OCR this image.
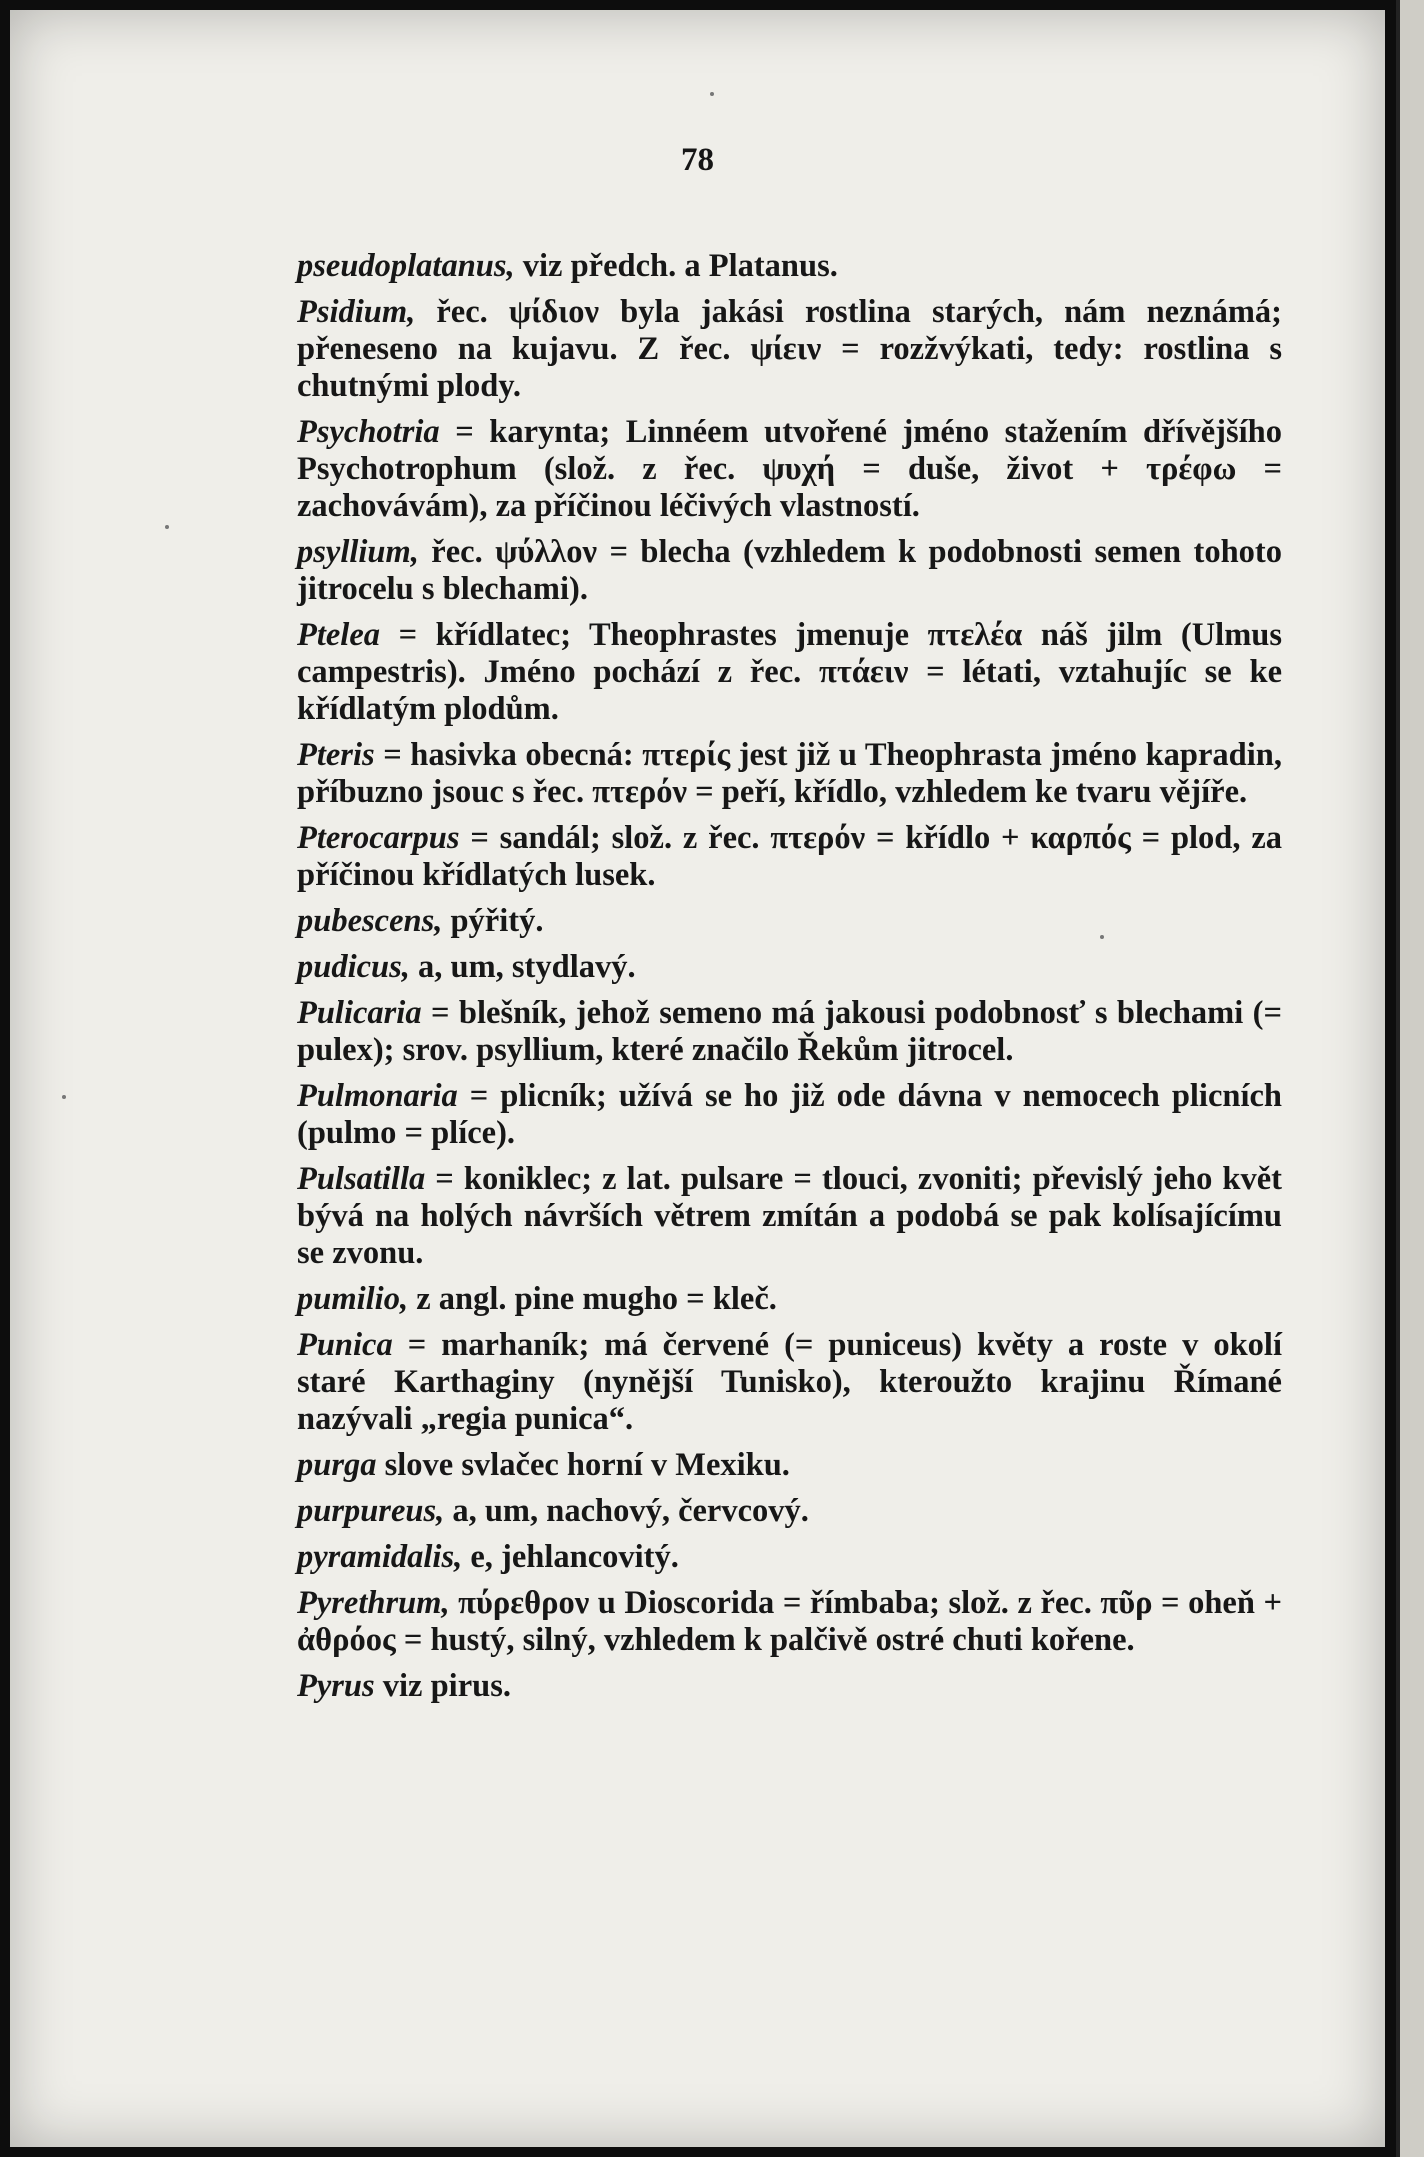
78

pseudoplatanus, viz předch. a Platanus.

Psidium, řec. ψίδιον byla jakási rostlina starých, nám neznámá; přeneseno na kujavu. Z řec. ψίειν = rozžvýkati, tedy: rostlina s chutnými plody.

Psychotria = karynta; Linnéem utvořené jméno stažením dřívějšího Psychotrophum (slož. z řec. ψυχή = duše, život + τρέφω = zachovávám), za příčinou léčivých vlastností.

psyllium, řec. ψύλλον = blecha (vzhledem k podobnosti semen tohoto jitrocelu s blechami).

Ptelea = křídlatec; Theophrastes jmenuje πτελέα náš jilm (Ulmus campestris). Jméno pochází z řec. πτάειν = létati, vztahujíc se ke křídlatým plodům.

Pteris = hasivka obecná: πτερίς jest již u Theophrasta jméno kapradin, příbuzno jsouc s řec. πτερόν = peří, křídlo, vzhledem ke tvaru vějíře.

Pterocarpus = sandál; slož. z řec. πτερόν = křídlo + καρπός = plod, za příčinou křídlatých lusek.

pubescens, pýřitý.

pudicus, a, um, stydlavý.

Pulicaria = blešník, jehož semeno má jakousi podobnosť s blechami (= pulex); srov. psyllium, které značilo Řekům jitrocel.

Pulmonaria = plicník; užívá se ho již ode dávna v nemocech plicních (pulmo = plíce).

Pulsatilla = koniklec; z lat. pulsare = tlouci, zvoniti; převislý jeho květ bývá na holých návrších větrem zmítán a podobá se pak kolísajícímu se zvonu.

pumilio, z angl. pine mugho = kleč.

Punica = marhaník; má červené (= puniceus) květy a roste v okolí staré Karthaginy (nynější Tunisko), kteroužto krajinu Římané nazývali „regia punica“.

purga slove svlačec horní v Mexiku.

purpureus, a, um, nachový, červcový.

pyramidalis, e, jehlancovitý.

Pyrethrum, πύρεθρον u Dioscorida = římbaba; slož. z řec. πῦρ = oheň + ἀθρόος = hustý, silný, vzhledem k palčivě ostré chuti kořene.

Pyrus viz pirus.
